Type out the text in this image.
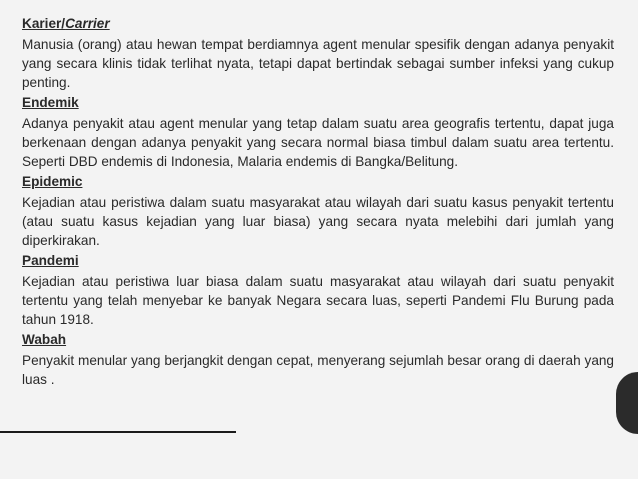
Karier/Carrier

Manusia (orang) atau hewan tempat berdiamnya agent menular spesifik dengan adanya penyakit yang secara klinis tidak terlihat nyata, tetapi dapat bertindak sebagai sumber infeksi yang cukup penting.

Endemik

Adanya penyakit atau agent menular yang tetap dalam suatu area geografis tertentu, dapat juga berkenaan dengan adanya penyakit yang secara normal biasa timbul dalam suatu area tertentu. Seperti DBD endemis di Indonesia, Malaria endemis di Bangka/Belitung.

Epidemic

Kejadian atau peristiwa dalam suatu masyarakat atau wilayah dari suatu kasus penyakit tertentu (atau suatu kasus kejadian yang luar biasa) yang secara nyata melebihi dari jumlah yang diperkirakan.

Pandemi

Kejadian atau peristiwa luar biasa dalam suatu masyarakat atau wilayah dari suatu penyakit tertentu yang telah menyebar ke banyak Negara secara luas, seperti Pandemi Flu Burung pada tahun 1918.

Wabah

Penyakit menular yang berjangkit dengan cepat, menyerang sejumlah besar orang di daerah yang luas .
